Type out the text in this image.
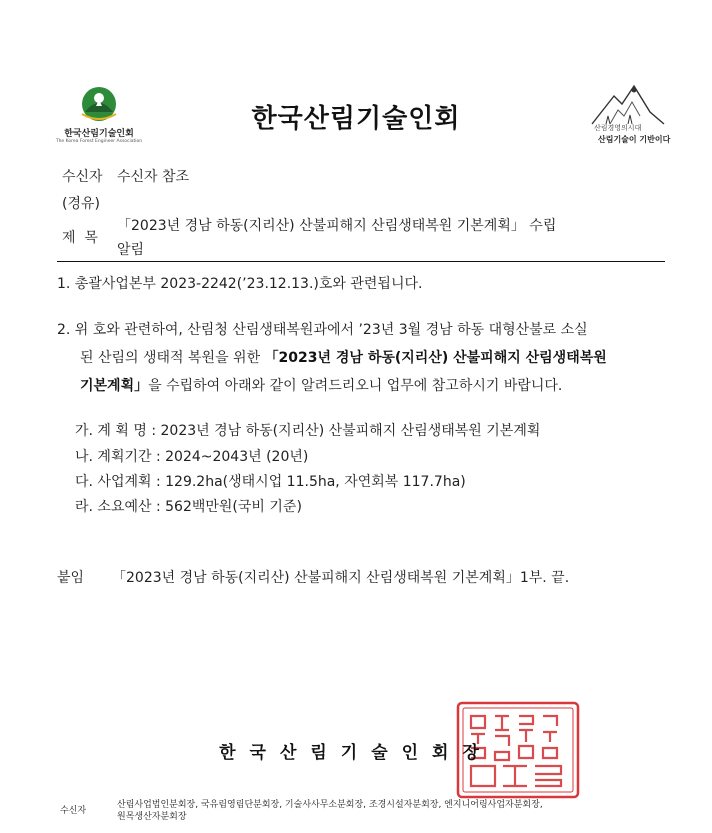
한국산림기술인회
The Korea Forest Engineer Association
한국산림기술인회	산림경영의시대
산림기술이 기반이다
수신자 수신자 참조
(경유)
제  목
「2023년 경남 하동(지리산) 산불피해지 산림생태복원 기본계획」 수립
알림
1. 총괄사업본부 2023-2242(’23.12.13.)호와 관련됩니다.
2. 위 호와 관련하여, 산림청 산림생태복원과에서 ’23년 3월 경남 하동 대형산불로 소실
된 산림의 생태적 복원을 위한 「2023년 경남 하동(지리산) 산불피해지 산림생태복원
기본계획」을 수립하여 아래와 같이 알려드리오니 업무에 참고하시기 바랍니다.
가. 계 획 명 : 2023년 경남 하동(지리산) 산불피해지 산림생태복원 기본계획
나. 계획기간 : 2024~2043년 (20년)
다. 사업계획 : 129.2ha(생태시업 11.5ha, 자연회복 117.7ha)
라. 소요예산 : 562백만원(국비 기준)
붙임 「2023년 경남 하동(지리산) 산불피해지 산림생태복원 기본계획」1부. 끝.
한국산림기술인회장
수신자
산림사업법인분회장, 국유림영림단분회장, 기술사사무소분회장, 조경시설자분회장, 엔지니어링사업자분회장,
원목생산자분회장
